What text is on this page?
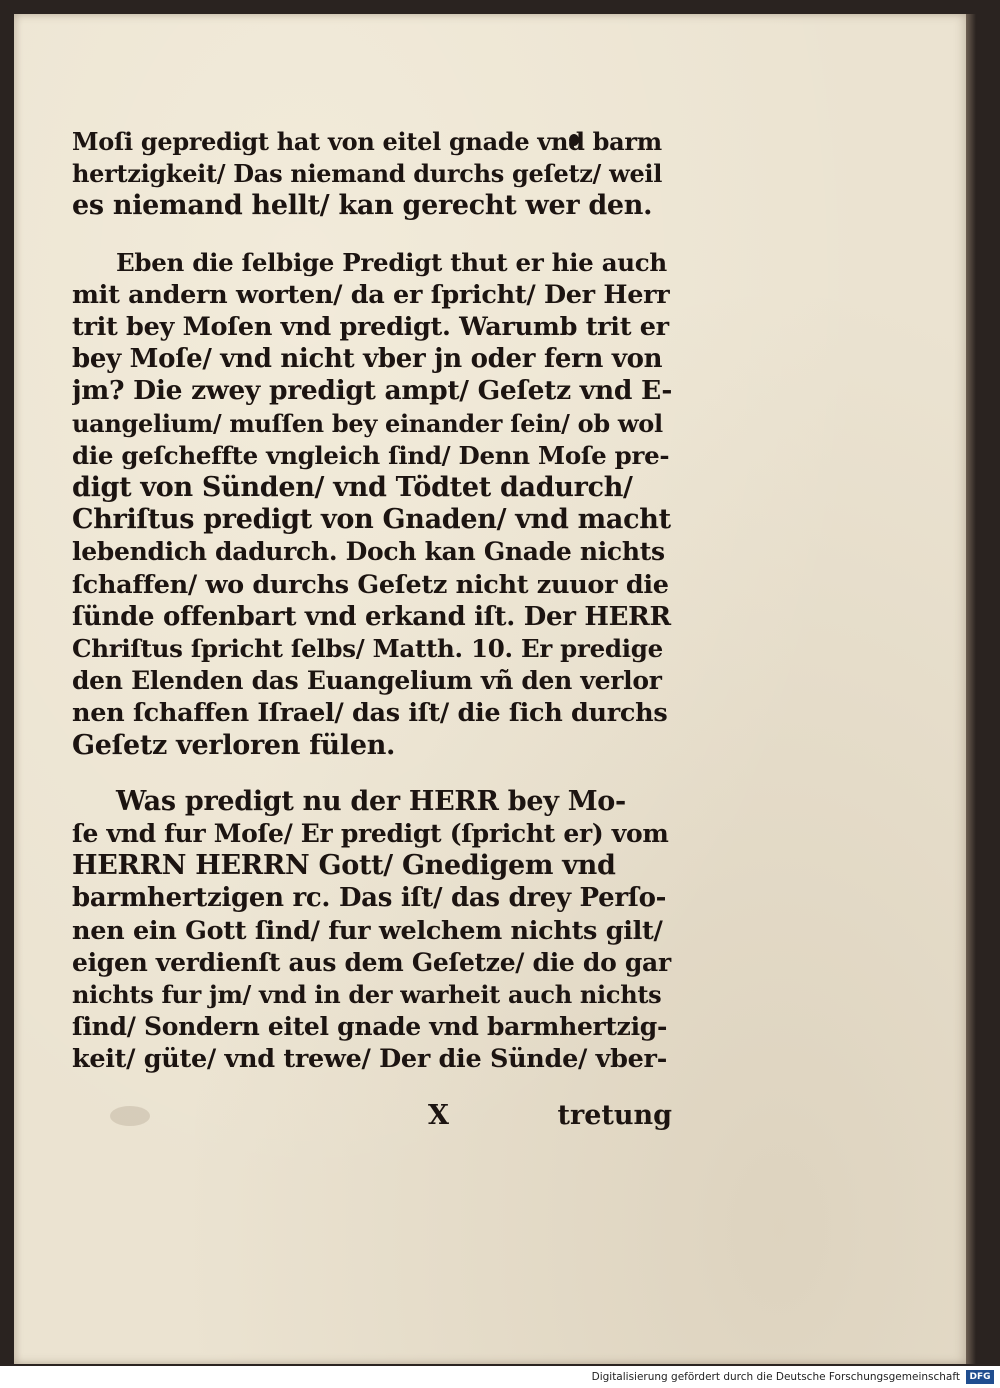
Moſi gepredigt hat von eitel gnade vnd barm
hertzigkeit/ Das niemand durchs geſetz/ weil
es niemand hellt/ kan gerecht wer den.
Eben die ſelbige Predigt thut er hie auch
mit andern worten/ da er ſpricht/ Der Herr
trit bey Moſen vnd predigt. Warumb trit er
bey Moſe/ vnd nicht vber jn oder fern von
jm? Die zwey predigt ampt/ Geſetz vnd E-
uangelium/ muſſen bey einander ſein/ ob wol
die geſcheffte vngleich ſind/ Denn Moſe pre-
digt von Sünden/ vnd Tödtet dadurch/
Chriſtus predigt von Gnaden/ vnd macht
lebendich dadurch. Doch kan Gnade nichts
ſchaffen/ wo durchs Geſetz nicht zuuor die
ſünde offenbart vnd erkand iſt. Der HERR
Chriſtus ſpricht ſelbs/ Matth. 10. Er predige
den Elenden das Euangelium vñ den verlor
nen ſchaffen Iſrael/ das iſt/ die ſich durchs
Geſetz verloren fülen.
Was predigt nu der HERR bey Mo-
ſe vnd fur Moſe/ Er predigt (ſpricht er) vom
HERRN HERRN Gott/ Gnedigem vnd
barmhertzigen rc. Das iſt/ das drey Perſo-
nen ein Gott ſind/ fur welchem nichts gilt/
eigen verdienſt aus dem Geſetze/ die do gar
nichts fur jm/ vnd in der warheit auch nichts
ſind/ Sondern eitel gnade vnd barmhertzig-
keit/ güte/ vnd trewe/ Der die Sünde/ vber-
X	tretung
Digitalisierung gefördert durch die Deutsche Forschungsgemeinschaft	DFG
